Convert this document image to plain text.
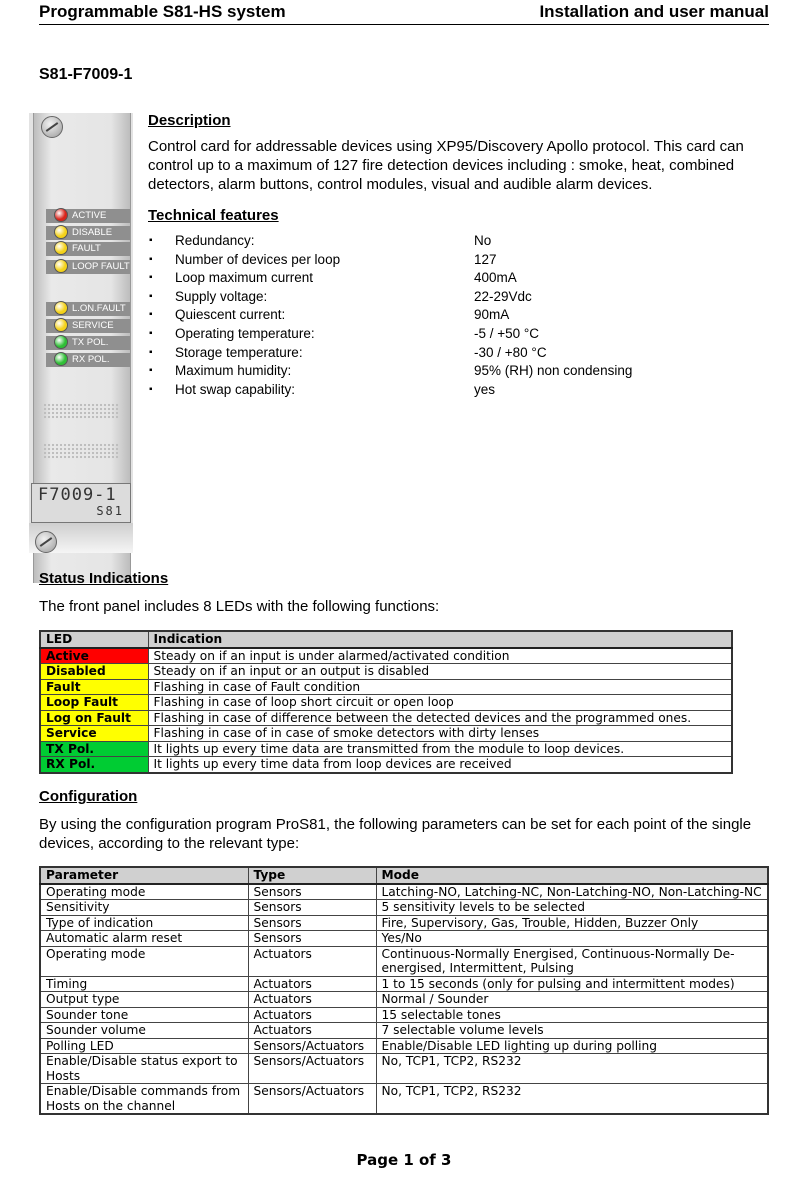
Programmable S81-HS system	Installation and user manual
S81-F7009-1
ACTIVE
DISABLE
FAULT
LOOP FAULT
L.ON.FAULT
SERVICE
TX POL.
RX POL.
F7009-1
S81
Description
Control card for addressable devices using XP95/Discovery Apollo protocol. This card can control up to a maximum of 127 fire detection devices including : smoke, heat, combined detectors, alarm buttons, control modules, visual and audible alarm devices.
Technical features
▪ Redundancy:	No
▪ Number of devices per loop	127
▪ Loop maximum current	400mA
▪ Supply voltage:	22-29Vdc
▪ Quiescent current:	90mA
▪ Operating temperature:	-5 / +50 °C
▪ Storage temperature:	-30 / +80 °C
▪ Maximum humidity:	95% (RH) non condensing
▪ Hot swap capability:	yes
Status Indications
The front panel includes 8 LEDs with the following functions:
LED	Indication
Active	Steady on if an input is under alarmed/activated condition
Disabled	Steady on if an input or an output is disabled
Fault	Flashing in case of Fault condition
Loop Fault	Flashing in case of loop short circuit or open loop
Log on Fault	Flashing in case of difference between the detected devices and the programmed ones.
Service	Flashing in case of in case of smoke detectors with dirty lenses
TX Pol.	It lights up every time data are transmitted from the module to loop devices.
RX Pol.	It lights up every time data from loop devices are received
Configuration
By using the configuration program ProS81, the following parameters can be set for each point of the single devices, according to the relevant type:
Parameter	Type	Mode
Operating mode	Sensors	Latching-NO, Latching-NC, Non-Latching-NO, Non-Latching-NC
Sensitivity	Sensors	5 sensitivity levels to be selected
Type of indication	Sensors	Fire, Supervisory, Gas, Trouble, Hidden, Buzzer Only
Automatic alarm reset	Sensors	Yes/No
Operating mode	Actuators	Continuous-Normally Energised, Continuous-Normally De-energised, Intermittent, Pulsing
Timing	Actuators	1 to 15 seconds (only for pulsing and intermittent modes)
Output type	Actuators	Normal / Sounder
Sounder tone	Actuators	15 selectable tones
Sounder volume	Actuators	7 selectable volume levels
Polling LED	Sensors/Actuators	Enable/Disable LED lighting up during polling
Enable/Disable status export to Hosts	Sensors/Actuators	No, TCP1, TCP2, RS232
Enable/Disable commands from Hosts on the channel	Sensors/Actuators	No, TCP1, TCP2, RS232
Page 1 of 3
